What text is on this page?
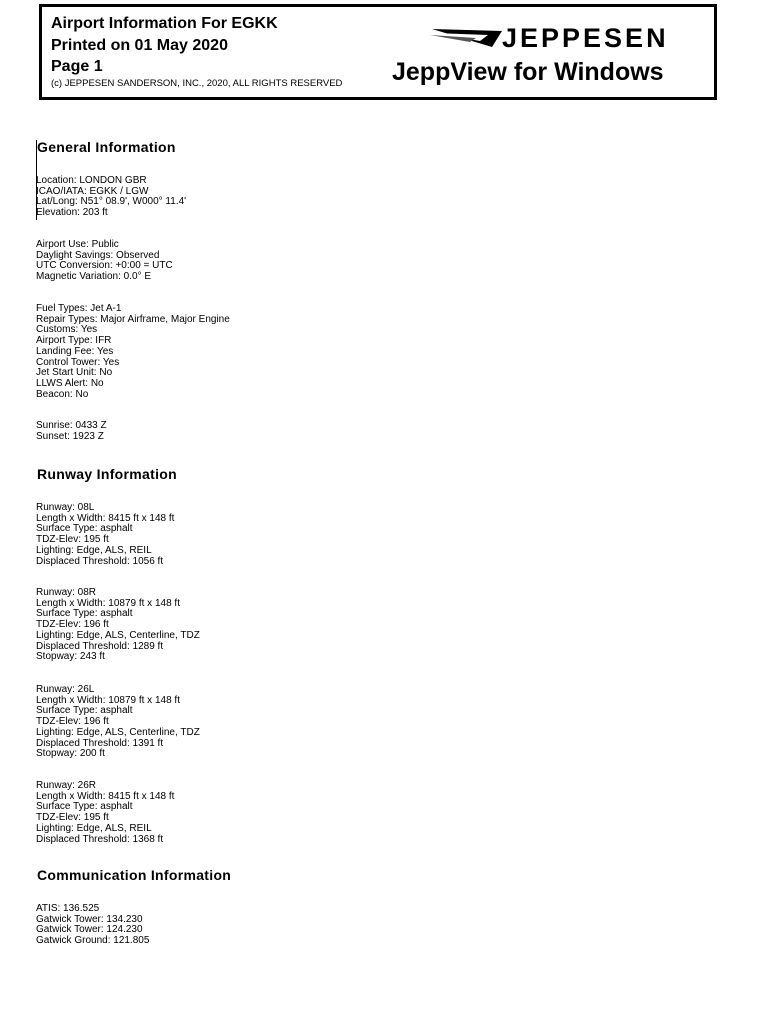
Airport Information For EGKK
Printed on 01 May 2020
Page 1
(c) JEPPESEN SANDERSON, INC., 2020, ALL RIGHTS RESERVED
JEPPESEN
JeppView for Windows
General Information
Location: LONDON GBR
ICAO/IATA: EGKK / LGW
Lat/Long: N51° 08.9', W000° 11.4'
Elevation: 203 ft
Airport Use: Public
Daylight Savings: Observed
UTC Conversion: +0:00 = UTC
Magnetic Variation: 0.0° E
Fuel Types: Jet A-1
Repair Types: Major Airframe, Major Engine
Customs: Yes
Airport Type: IFR
Landing Fee: Yes
Control Tower: Yes
Jet Start Unit: No
LLWS Alert: No
Beacon: No
Sunrise: 0433 Z
Sunset: 1923 Z
Runway Information
Runway: 08L
Length x Width: 8415 ft x 148 ft
Surface Type: asphalt
TDZ-Elev: 195 ft
Lighting: Edge, ALS, REIL
Displaced Threshold: 1056 ft
Runway: 08R
Length x Width: 10879 ft x 148 ft
Surface Type: asphalt
TDZ-Elev: 196 ft
Lighting: Edge, ALS, Centerline, TDZ
Displaced Threshold: 1289 ft
Stopway: 243 ft
Runway: 26L
Length x Width: 10879 ft x 148 ft
Surface Type: asphalt
TDZ-Elev: 196 ft
Lighting: Edge, ALS, Centerline, TDZ
Displaced Threshold: 1391 ft
Stopway: 200 ft
Runway: 26R
Length x Width: 8415 ft x 148 ft
Surface Type: asphalt
TDZ-Elev: 195 ft
Lighting: Edge, ALS, REIL
Displaced Threshold: 1368 ft
Communication Information
ATIS: 136.525
Gatwick Tower: 134.230
Gatwick Tower: 124.230
Gatwick Ground: 121.805
